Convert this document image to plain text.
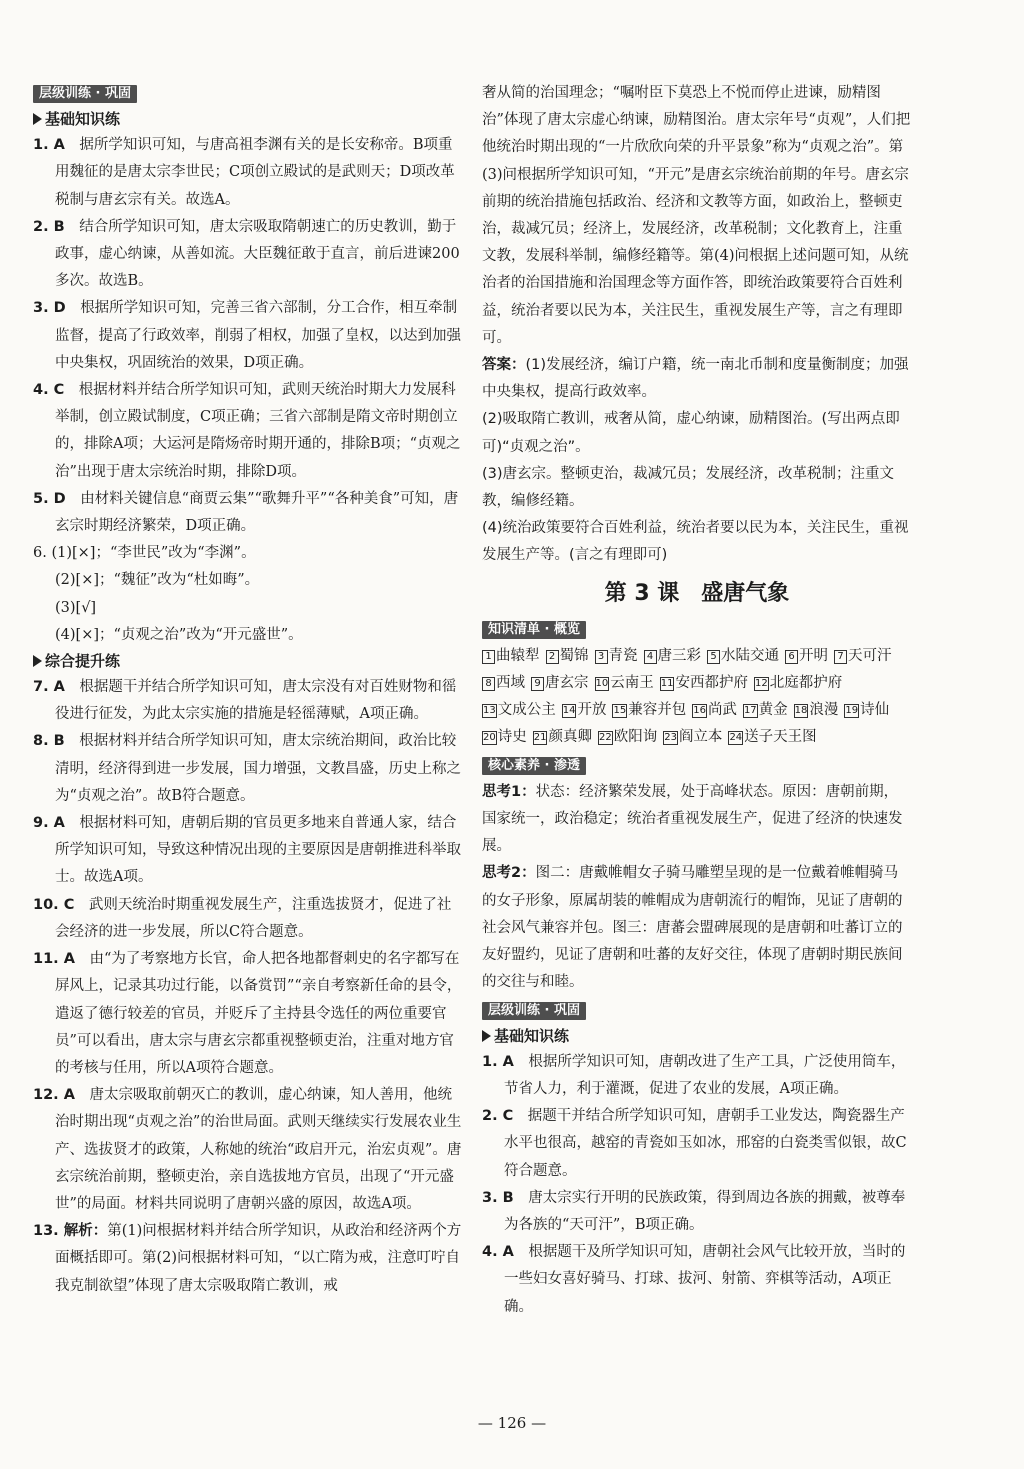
层级训练 · 巩固
基础知识练

1. A　 据所学知识可知，与唐高祖李渊有关的是长安称帝。B项重用魏征的是唐太宗李世民；C项创立殿试的是武则天；D项改革税制与唐玄宗有关。故选A。

2. B　 结合所学知识可知，唐太宗吸取隋朝速亡的历史教训，勤于政事，虚心纳谏，从善如流。大臣魏征敢于直言，前后进谏200多次。故选B。

3. D　 根据所学知识可知，完善三省六部制，分工合作，相互牵制监督，提高了行政效率，削弱了相权，加强了皇权，以达到加强中央集权，巩固统治的效果，D项正确。

4. C　 根据材料并结合所学知识可知，武则天统治时期大力发展科举制，创立殿试制度，C项正确；三省六部制是隋文帝时期创立的，排除A项；大运河是隋炀帝时期开通的，排除B项；“贞观之治”出现于唐太宗统治时期，排除D项。

5. D　 由材料关键信息“商贾云集”“歌舞升平”“各种美食”可知，唐玄宗时期经济繁荣，D项正确。

6. (1)[×]；“李世民”改为“李渊”。

(2)[×]；“魏征”改为“杜如晦”。

(3)[√]

(4)[×]；“贞观之治”改为“开元盛世”。

综合提升练

7. A　 根据题干并结合所学知识可知，唐太宗没有对百姓财物和徭役进行征发，为此太宗实施的措施是轻徭薄赋，A项正确。

8. B　 根据材料并结合所学知识可知，唐太宗统治期间，政治比较清明，经济得到进一步发展，国力增强，文教昌盛，历史上称之为“贞观之治”。故B符合题意。

9. A　 根据材料可知，唐朝后期的官员更多地来自普通人家，结合所学知识可知，导致这种情况出现的主要原因是唐朝推进科举取士。故选A项。

10. C　 武则天统治时期重视发展生产，注重选拔贤才，促进了社会经济的进一步发展，所以C符合题意。

11. A　 由“为了考察地方长官，命人把各地都督刺史的名字都写在屏风上，记录其功过行能，以备赏罚”“亲自考察新任命的县令，遣返了德行较差的官员，并贬斥了主持县令选任的两位重要官员”可以看出，唐太宗与唐玄宗都重视整顿吏治，注重对地方官的考核与任用，所以A项符合题意。

12. A　 唐太宗吸取前朝灭亡的教训，虚心纳谏，知人善用，他统治时期出现“贞观之治”的治世局面。武则天继续实行发展农业生产、选拔贤才的政策，人称她的统治“政启开元，治宏贞观”。唐玄宗统治前期，整顿吏治，亲自选拔地方官员，出现了“开元盛世”的局面。材料共同说明了唐朝兴盛的原因，故选A项。

13. 解析：第(1)问根据材料并结合所学知识，从政治和经济两个方面概括即可。第(2)问根据材料可知，“以亡隋为戒，注意叮咛自我克制欲望”体现了唐太宗吸取隋亡教训，戒

奢从简的治国理念；“嘱咐臣下莫恐上不悦而停止进谏，励精图治”体现了唐太宗虚心纳谏，励精图治。唐太宗年号“贞观”，人们把他统治时期出现的“一片欣欣向荣的升平景象”称为“贞观之治”。第(3)问根据所学知识可知，“开元”是唐玄宗统治前期的年号。唐玄宗前期的统治措施包括政治、经济和文教等方面，如政治上，整顿吏治，裁减冗员；经济上，发展经济，改革税制；文化教育上，注重文教，发展科举制，编修经籍等。第(4)问根据上述问题可知，从统治者的治国措施和治国理念等方面作答，即统治政策要符合百姓利益，统治者要以民为本，关注民生，重视发展生产等，言之有理即可。

答案：(1)发展经济，编订户籍，统一南北币制和度量衡制度；加强中央集权，提高行政效率。

(2)吸取隋亡教训，戒奢从简，虚心纳谏，励精图治。(写出两点即可)“贞观之治”。

(3)唐玄宗。整顿吏治，裁减冗员；发展经济，改革税制；注重文教，编修经籍。

(4)统治政策要符合百姓利益，统治者要以民为本，关注民生，重视发展生产等。(言之有理即可)

第 3 课　盛唐气象
知识清单 · 概览
1 曲辕犁 2 蜀锦 3 青瓷 4 唐三彩 5 水陆交通 6 开明 7 天可汗
8 西域 9 唐玄宗 10 云南王 11 安西都护府 12 北庭都护府
13 文成公主 14 开放 15 兼容并包 16 尚武 17 黄金 18 浪漫 19 诗仙
20 诗史 21 颜真卿 22 欧阳询 23 阎立本 24 送子天王图
核心素养 · 渗透

思考1：状态：经济繁荣发展，处于高峰状态。原因：唐朝前期，国家统一，政治稳定；统治者重视发展生产，促进了经济的快速发展。

思考2：图二：唐戴帷帽女子骑马雕塑呈现的是一位戴着帷帽骑马的女子形象，原属胡装的帷帽成为唐朝流行的帽饰，见证了唐朝的社会风气兼容并包。图三：唐蕃会盟碑展现的是唐朝和吐蕃订立的友好盟约，见证了唐朝和吐蕃的友好交往，体现了唐朝时期民族间的交往与和睦。

层级训练 · 巩固
基础知识练

1. A　 根据所学知识可知，唐朝改进了生产工具，广泛使用筒车，节省人力，利于灌溉，促进了农业的发展，A项正确。

2. C　 据题干并结合所学知识可知，唐朝手工业发达，陶瓷器生产水平也很高，越窑的青瓷如玉如冰，邢窑的白瓷类雪似银，故C符合题意。

3. B　 唐太宗实行开明的民族政策，得到周边各族的拥戴，被尊奉为各族的“天可汗”，B项正确。

4. A　 根据题干及所学知识可知，唐朝社会风气比较开放，当时的一些妇女喜好骑马、打球、拔河、射箭、弈棋等活动，A项正确。

— 126 —
